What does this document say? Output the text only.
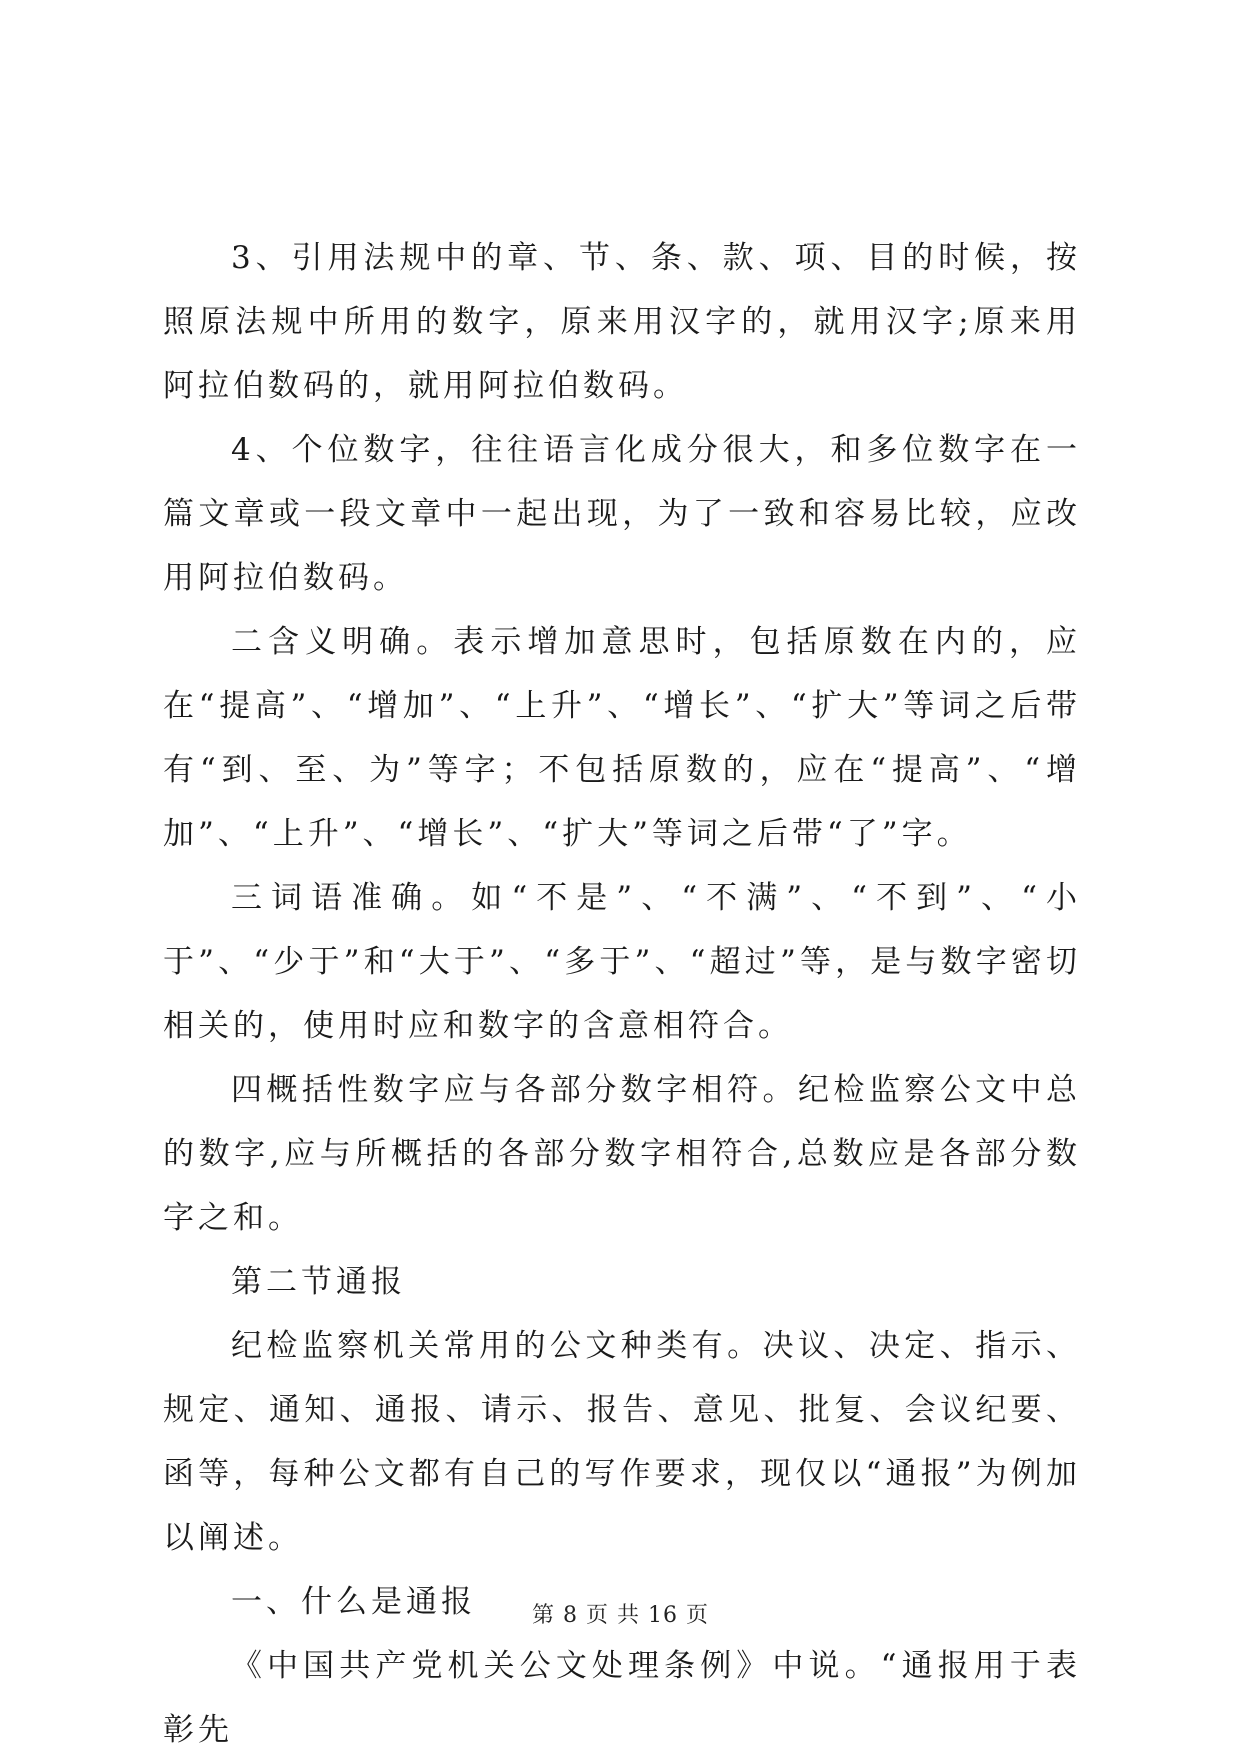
3、引用法规中的章、节、条、款、项、目的时候，按照原法规中所用的数字，原来用汉字的，就用汉字;原来用阿拉伯数码的，就用阿拉伯数码。

4、个位数字，往往语言化成分很大，和多位数字在一篇文章或一段文章中一起出现，为了一致和容易比较，应改用阿拉伯数码。

二含义明确。表示增加意思时，包括原数在内的，应在“提高”、“增加”、“上升”、“增长”、“扩大”等词之后带有“到、至、为”等字；不包括原数的，应在“提高”、“增加”、“上升”、“增长”、“扩大”等词之后带“了”字。

三词语准确。如“不是”、“不满”、“不到”、“小于”、“少于”和“大于”、“多于”、“超过”等，是与数字密切相关的，使用时应和数字的含意相符合。

四概括性数字应与各部分数字相符。纪检监察公文中总的数字,应与所概括的各部分数字相符合,总数应是各部分数字之和。

第二节通报

纪检监察机关常用的公文种类有。决议、决定、指示、规定、通知、通报、请示、报告、意见、批复、会议纪要、函等，每种公文都有自己的写作要求，现仅以“通报”为例加以阐述。

一、什么是通报

《中国共产党机关公文处理条例》中说。“通报用于表彰先

第 8 页 共 16 页
